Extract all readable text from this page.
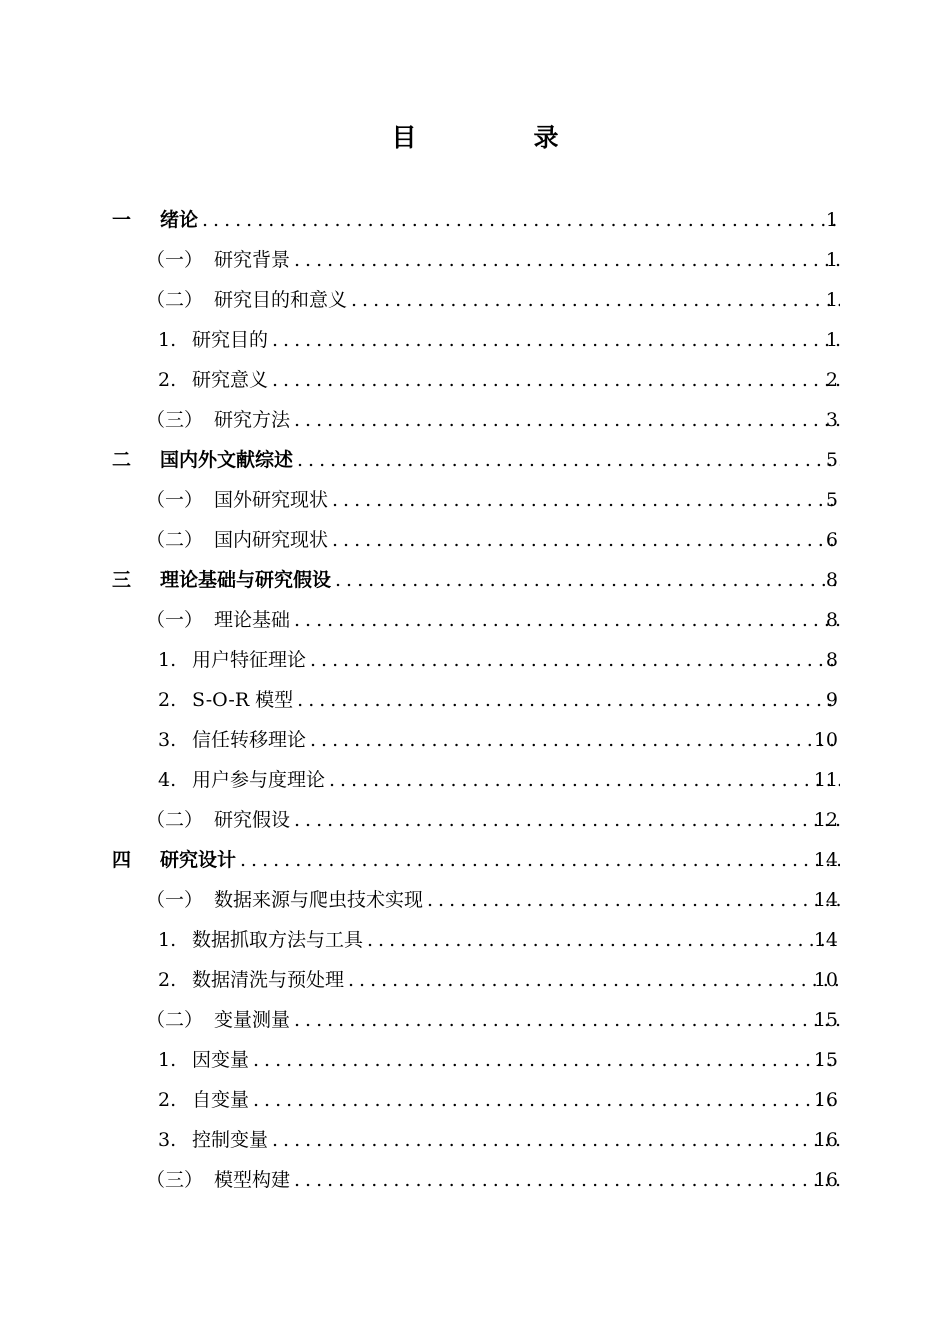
目　录
一 绪论 .....	1
（一） 研究背景 .....	1
（二） 研究目的和意义 .....	1
1. 研究目的 .....	1
2. 研究意义 .....	2
（三） 研究方法 .....	3
二 国内外文献综述 .....	5
（一） 国外研究现状 .....	5
（二） 国内研究现状 .....	6
三 理论基础与研究假设 .....	8
（一） 理论基础 .....	8
1. 用户特征理论 .....	8
2. S-O-R 模型 .....	9
3. 信任转移理论 .....	10
4. 用户参与度理论 .....	11
（二） 研究假设 .....	12
四 研究设计 .....	14
（一） 数据来源与爬虫技术实现 .....	14
1. 数据抓取方法与工具 .....	14
2. 数据清洗与预处理 .....	10
（二） 变量测量 .....	15
1. 因变量 .....	15
2. 自变量 .....	16
3. 控制变量 .....	16
（三） 模型构建 .....	16
